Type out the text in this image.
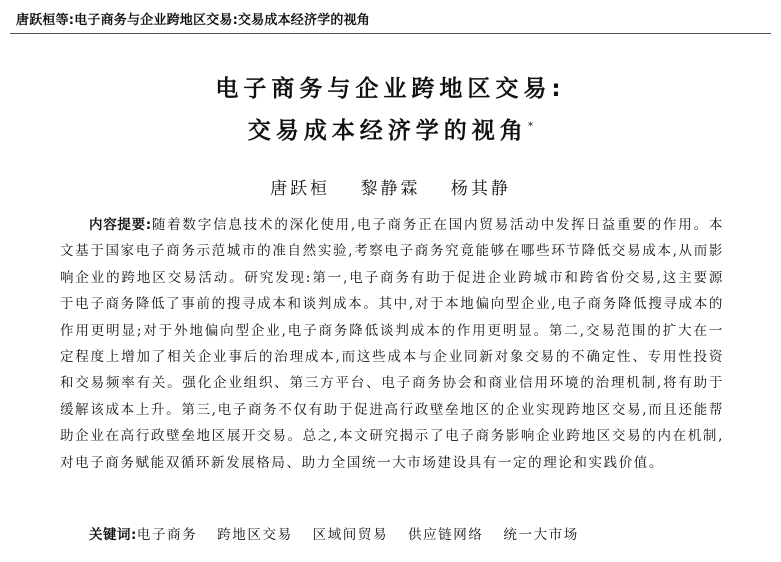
唐跃桓等:电子商务与企业跨地区交易:交易成本经济学的视角
电子商务与企业跨地区交易:
交易成本经济学的视角*
唐跃桓 黎静霖 杨其静

内容提要:随着数字信息技术的深化使用,电子商务正在国内贸易活动中发挥日益重要的作用。本文基于国家电子商务示范城市的准自然实验,考察电子商务究竟能够在哪些环节降低交易成本,从而影响企业的跨地区交易活动。研究发现:第一,电子商务有助于促进企业跨城市和跨省份交易,这主要源于电子商务降低了事前的搜寻成本和谈判成本。其中,对于本地偏向型企业,电子商务降低搜寻成本的作用更明显;对于外地偏向型企业,电子商务降低谈判成本的作用更明显。第二,交易范围的扩大在一定程度上增加了相关企业事后的治理成本,而这些成本与企业同新对象交易的不确定性、专用性投资和交易频率有关。强化企业组织、第三方平台、电子商务协会和商业信用环境的治理机制,将有助于缓解该成本上升。第三,电子商务不仅有助于促进高行政壁垒地区的企业实现跨地区交易,而且还能帮助企业在高行政壁垒地区展开交易。总之,本文研究揭示了电子商务影响企业跨地区交易的内在机制,对电子商务赋能双循环新发展格局、助力全国统一大市场建设具有一定的理论和实践价值。

关键词:电子商务 跨地区交易 区域间贸易 供应链网络 统一大市场
